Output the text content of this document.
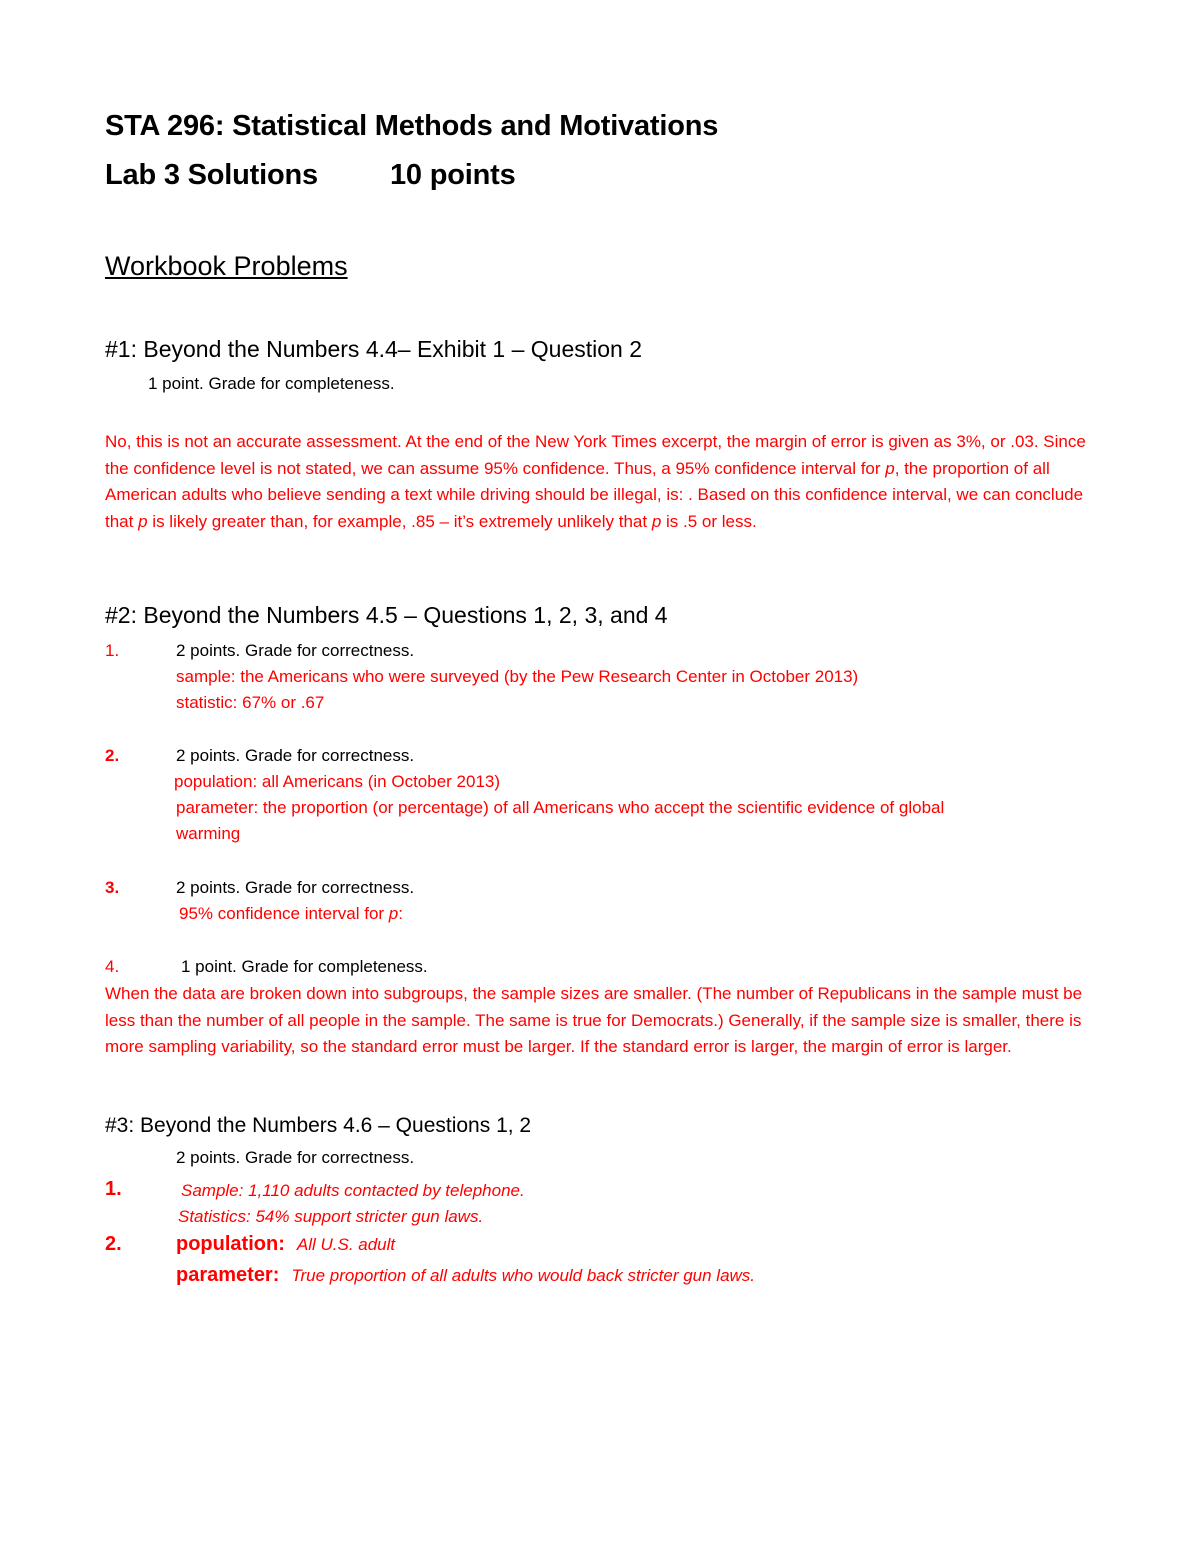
STA 296: Statistical Methods and Motivations
Lab 3 Solutions 10 points
Workbook Problems
#1: Beyond the Numbers 4.4– Exhibit 1 – Question 2
1 point. Grade for completeness.
No, this is not an accurate assessment. At the end of the New York Times excerpt, the margin of error is given as 3%, or .03. Since the confidence level is not stated, we can assume 95% confidence. Thus, a 95% confidence interval for p, the proportion of all American adults who believe sending a text while driving should be illegal, is: . Based on this confidence interval, we can conclude that p is likely greater than, for example, .85 – it’s extremely unlikely that p is .5 or less.
#2: Beyond the Numbers 4.5 – Questions 1, 2, 3, and 4
1.	2 points. Grade for correctness.
sample: the Americans who were surveyed (by the Pew Research Center in October 2013)
statistic: 67% or .67
2.	2 points. Grade for correctness.
population: all Americans (in October 2013)
parameter: the proportion (or percentage) of all Americans who accept the scientific evidence of global
warming
3.	2 points. Grade for correctness.
95% confidence interval for p:
4.	1 point. Grade for completeness.
When the data are broken down into subgroups, the sample sizes are smaller. (The number of Republicans in the sample must be less than the number of all people in the sample. The same is true for Democrats.) Generally, if the sample size is smaller, there is more sampling variability, so the standard error must be larger. If the standard error is larger, the margin of error is larger.
#3: Beyond the Numbers 4.6 – Questions 1, 2
2 points. Grade for correctness.
1.	Sample: 1,110 adults contacted by telephone.
Statistics: 54% support stricter gun laws.
2.	population: All U.S. adult
parameter: True proportion of all adults who would back stricter gun laws.
